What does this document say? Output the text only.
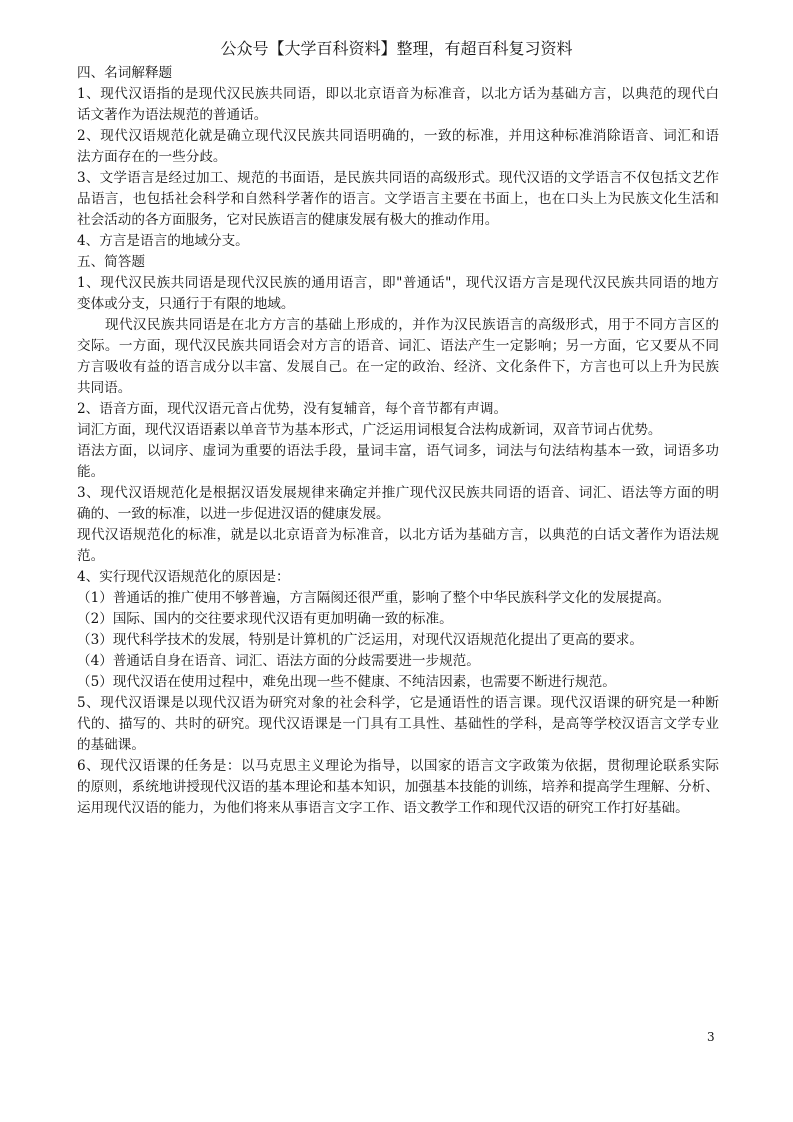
公众号【大学百科资料】整理，有超百科复习资料
四、名词解释题
1、现代汉语指的是现代汉民族共同语，即以北京语音为标准音，以北方话为基础方言，以典范的现代白
话文著作为语法规范的普通话。
2、现代汉语规范化就是确立现代汉民族共同语明确的，一致的标准，并用这种标准消除语音、词汇和语
法方面存在的一些分歧。
3、文学语言是经过加工、规范的书面语，是民族共同语的高级形式。现代汉语的文学语言不仅包括文艺作
品语言，也包括社会科学和自然科学著作的语言。文学语言主要在书面上，也在口头上为民族文化生活和
社会活动的各方面服务，它对民族语言的健康发展有极大的推动作用。
4、方言是语言的地域分支。
五、简答题
1、现代汉民族共同语是现代汉民族的通用语言，即"普通话"，现代汉语方言是现代汉民族共同语的地方
变体或分支，只通行于有限的地域。
现代汉民族共同语是在北方方言的基础上形成的，并作为汉民族语言的高级形式，用于不同方言区的
交际。一方面，现代汉民族共同语会对方言的语音、词汇、语法产生一定影响；另一方面，它又要从不同
方言吸收有益的语言成分以丰富、发展自己。在一定的政治、经济、文化条件下，方言也可以上升为民族
共同语。
2、语音方面，现代汉语元音占优势，没有复辅音，每个音节都有声调。
词汇方面，现代汉语语素以单音节为基本形式，广泛运用词根复合法构成新词，双音节词占优势。
语法方面，以词序、虚词为重要的语法手段，量词丰富，语气词多，词法与句法结构基本一致，词语多功
能。
3、现代汉语规范化是根据汉语发展规律来确定并推广现代汉民族共同语的语音、词汇、语法等方面的明
确的、一致的标准，以进一步促进汉语的健康发展。
现代汉语规范化的标准，就是以北京语音为标准音，以北方话为基础方言，以典范的白话文著作为语法规
范。
4、实行现代汉语规范化的原因是：
（1）普通话的推广使用不够普遍，方言隔阂还很严重，影响了整个中华民族科学文化的发展提高。
（2）国际、国内的交往要求现代汉语有更加明确一致的标准。
（3）现代科学技术的发展，特别是计算机的广泛运用，对现代汉语规范化提出了更高的要求。
（4）普通话自身在语音、词汇、语法方面的分歧需要进一步规范。
（5）现代汉语在使用过程中，难免出现一些不健康、不纯洁因素，也需要不断进行规范。
5、现代汉语课是以现代汉语为研究对象的社会科学，它是通语性的语言课。现代汉语课的研究是一种断
代的、描写的、共时的研究。现代汉语课是一门具有工具性、基础性的学科，是高等学校汉语言文学专业
的基础课。
6、现代汉语课的任务是：以马克思主义理论为指导，以国家的语言文字政策为依据，贯彻理论联系实际
的原则，系统地讲授现代汉语的基本理论和基本知识，加强基本技能的训练，培养和提高学生理解、分析、
运用现代汉语的能力，为他们将来从事语言文字工作、语文教学工作和现代汉语的研究工作打好基础。
3
